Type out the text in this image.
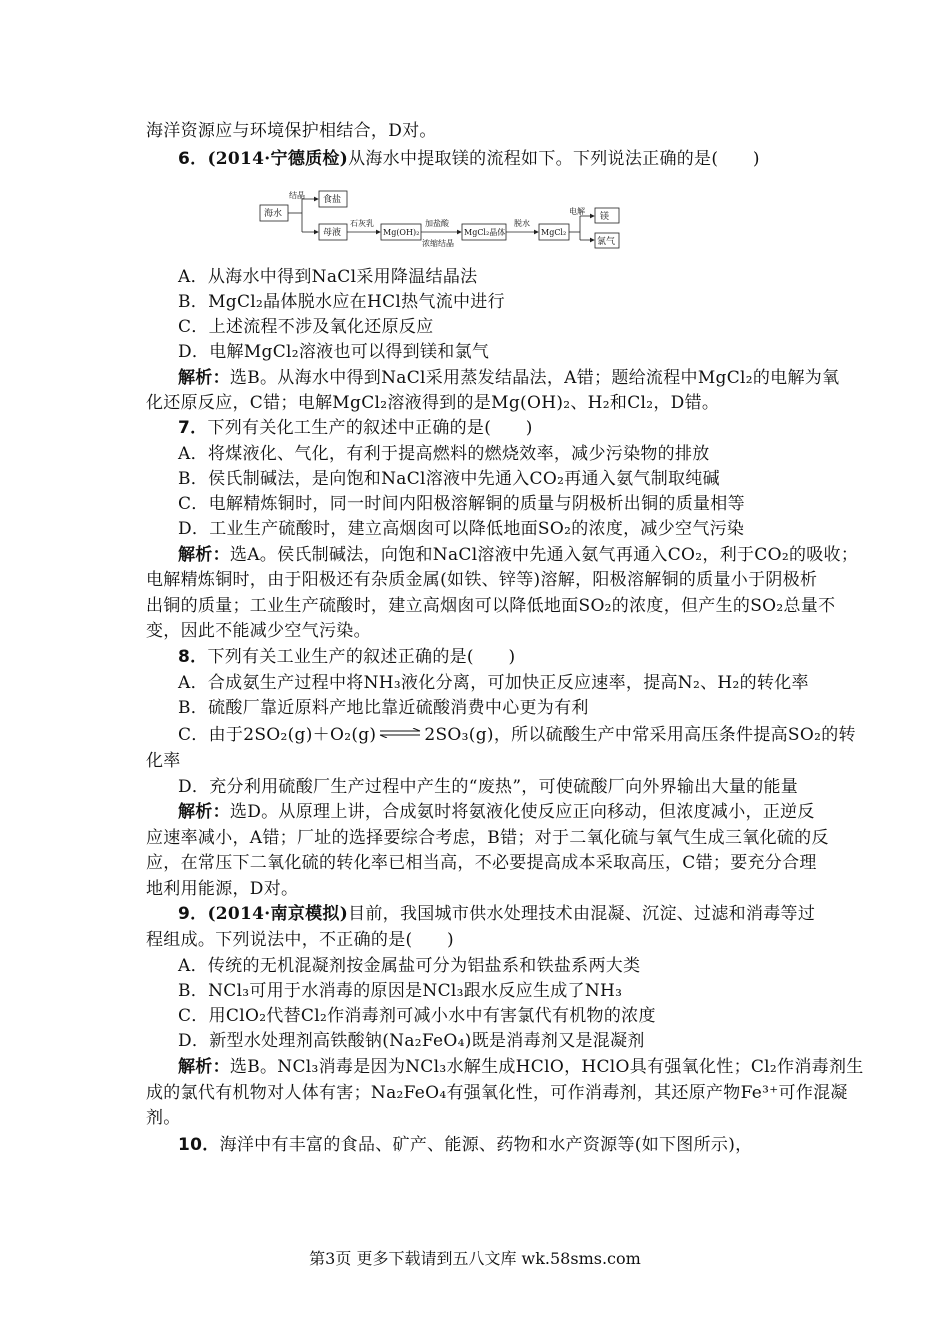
海洋资源应与环境保护相结合，D对。
6．(2014·宁德质检)从海水中提取镁的流程如下。下列说法正确的是(　　)
海水
结晶 食盐
母液
石灰乳
Mg(OH)₂
加盐酸
浓缩结晶
MgCl₂晶体
脱水
MgCl₂
电解
镁
氯气
A．从海水中得到NaCl采用降温结晶法
B．MgCl₂晶体脱水应在HCl热气流中进行
C．上述流程不涉及氧化还原反应
D．电解MgCl₂溶液也可以得到镁和氯气
解析：选B。从海水中得到NaCl采用蒸发结晶法，A错；题给流程中MgCl₂的电解为氧
化还原反应，C错；电解MgCl₂溶液得到的是Mg(OH)₂、H₂和Cl₂，D错。
7．下列有关化工生产的叙述中正确的是(　　)
A．将煤液化、气化，有利于提高燃料的燃烧效率，减少污染物的排放
B．侯氏制碱法，是向饱和NaCl溶液中先通入CO₂再通入氨气制取纯碱
C．电解精炼铜时，同一时间内阳极溶解铜的质量与阴极析出铜的质量相等
D．工业生产硫酸时，建立高烟囱可以降低地面SO₂的浓度，减少空气污染
解析：选A。侯氏制碱法，向饱和NaCl溶液中先通入氨气再通入CO₂，利于CO₂的吸收；
电解精炼铜时，由于阳极还有杂质金属(如铁、锌等)溶解，阳极溶解铜的质量小于阴极析
出铜的质量；工业生产硫酸时，建立高烟囱可以降低地面SO₂的浓度，但产生的SO₂总量不
变，因此不能减少空气污染。
8．下列有关工业生产的叙述正确的是(　　)
A．合成氨生产过程中将NH₃液化分离，可加快正反应速率，提高N₂、H₂的转化率
B．硫酸厂靠近原料产地比靠近硫酸消费中心更为有利
C．由于2SO₂(g)＋O₂(g) ⇌ 2SO₃(g)，所以硫酸生产中常采用高压条件提高SO₂的转
化率
D．充分利用硫酸厂生产过程中产生的“废热”，可使硫酸厂向外界输出大量的能量
解析：选D。从原理上讲，合成氨时将氨液化使反应正向移动，但浓度减小，正逆反
应速率减小，A错；厂址的选择要综合考虑，B错；对于二氧化硫与氧气生成三氧化硫的反
应，在常压下二氧化硫的转化率已相当高，不必要提高成本采取高压，C错；要充分合理
地利用能源，D对。
9．(2014·南京模拟)目前，我国城市供水处理技术由混凝、沉淀、过滤和消毒等过
程组成。下列说法中，不正确的是(　　)
A．传统的无机混凝剂按金属盐可分为铝盐系和铁盐系两大类
B．NCl₃可用于水消毒的原因是NCl₃跟水反应生成了NH₃
C．用ClO₂代替Cl₂作消毒剂可减小水中有害氯代有机物的浓度
D．新型水处理剂高铁酸钠(Na₂FeO₄)既是消毒剂又是混凝剂
解析：选B。NCl₃消毒是因为NCl₃水解生成HClO，HClO具有强氧化性；Cl₂作消毒剂生
成的氯代有机物对人体有害；Na₂FeO₄有强氧化性，可作消毒剂，其还原产物Fe³⁺可作混凝
剂。
10．海洋中有丰富的食品、矿产、能源、药物和水产资源等(如下图所示)，
第3页 更多下载请到五八文库 wk.58sms.com
